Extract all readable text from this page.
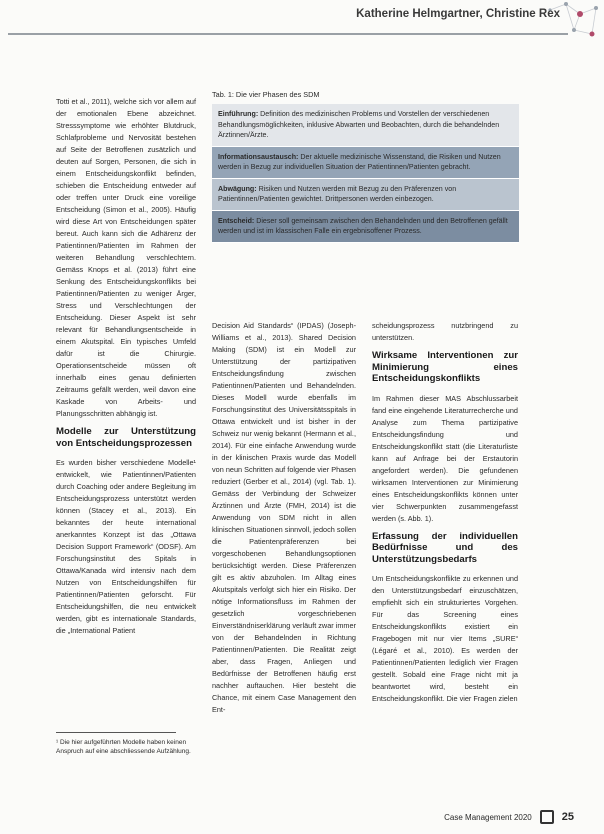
Katherine Helmgartner, Christine Rex

Totti et al., 2011), welche sich vor allem auf der emotionalen Ebene abzeichnet. Stresssymptome wie erhöhter Blutdruck, Schlafprobleme und Nervosität bestehen auf Seite der Betroffenen zusätzlich und deuten auf Sorgen, Personen, die sich in einem Entscheidungskonflikt befinden, schieben die Entscheidung entweder auf oder treffen unter Druck eine voreilige Entscheidung (Simon et al., 2005). Häufig wird diese Art von Entscheidungen später bereut. Auch kann sich die Adhärenz der Patientinnen/Patienten im Rahmen der weiteren Behandlung verschlechtern. Gemäss Knops et al. (2013) führt eine Senkung des Entscheidungskonflikts bei Patientinnen/Patienten zu weniger Ärger, Stress und Verschlechtungen der Entscheidung. Dieser Aspekt ist sehr relevant für Behandlungsentscheide in einem Akutspital. Ein typisches Umfeld dafür ist die Chirurgie. Operationsentscheide müssen oft innerhalb eines genau definierten Zeitraums gefällt werden, weil davon eine Kaskade von Arbeits- und Planungsschritten abhängig ist.

Modelle zur Unterstützung von Entscheidungsprozessen

Es wurden bisher verschiedene Modelle¹ entwickelt, wie Patientinnen/Patienten durch Coaching oder andere Begleitung im Entscheidungsprozess unterstützt werden können (Stacey et al., 2013). Ein bekanntes der heute international anerkanntes Konzept ist das „Ottawa Decision Support Framework“ (ODSF). Am Forschungsinstitut des Spitals in Ottawa/Kanada wird intensiv nach dem Nutzen von Entscheidungshilfen für Patientinnen/Patienten geforscht. Für Entscheidungshilfen, die neu entwickelt werden, gibt es internationale Standards, die „International Patient

Tab. 1: Die vier Phasen des SDM
Einführung: Definition des medizinischen Problems und Vorstellen der verschiedenen Behandlungsmöglichkeiten, inklusive Abwarten und Beobachten, durch die behandelnden Ärztinnen/Ärzte.
Informationsaustausch: Der aktuelle medizinische Wissenstand, die Risiken und Nutzen werden in Bezug zur individuellen Situation der Patientinnen/Patienten gebracht.
Abwägung: Risiken und Nutzen werden mit Bezug zu den Präferenzen von Patientinnen/Patienten gewichtet. Drittpersonen werden einbezogen.
Entscheid: Dieser soll gemeinsam zwischen den Behandelnden und den Betroffenen gefällt werden und ist im klassischen Falle ein ergebnisoffener Prozess.

Decision Aid Standards“ (IPDAS) (Joseph-Williams et al., 2013). Shared Decision Making (SDM) ist ein Modell zur Unterstützung der partizipativen Entscheidungsfindung zwischen Patientinnen/Patienten und Behandelnden. Dieses Modell wurde ebenfalls im Forschungsinstitut des Universitätsspitals in Ottawa entwickelt und ist bisher in der Schweiz nur wenig bekannt (Hermann et al., 2014). Für eine einfache Anwendung wurde in der klinischen Praxis wurde das Modell von neun Schritten auf folgende vier Phasen reduziert (Gerber et al., 2014) (vgl. Tab. 1). Gemäss der Verbindung der Schweizer Ärztinnen und Ärzte (FMH, 2014) ist die Anwendung von SDM nicht in allen klinischen Situationen sinnvoll, jedoch sollen die Patientenpräferenzen bei vorgeschobenen Behandlungsoptionen berücksichtigt werden. Diese Präferenzen gilt es aktiv abzuholen. Im Alltag eines Akutspitals verfolgt sich hier ein Risiko. Der nötige Informationsfluss im Rahmen der gesetzlich vorgeschriebenen Einverständniserklärung verläuft zwar immer von der Behandelnden in Richtung Patientinnen/Patienten. Die Realität zeigt aber, dass Fragen, Anliegen und Bedürfnisse der Betroffenen häufig erst nachher auftauchen. Hier besteht die Chance, mit einem Case Management den Ent-

scheidungsprozess nutzbringend zu unterstützen.

Wirksame Interventionen zur Minimierung eines Entscheidungskonflikts

Im Rahmen dieser MAS Abschlussarbeit fand eine eingehende Literaturrecherche und Analyse zum Thema partizipative Entscheidungsfindung und Entscheidungskonflikt statt (die Literaturliste kann auf Anfrage bei der Erstautorin angefordert werden). Die gefundenen wirksamen Interventionen zur Minimierung eines Entscheidungskonflikts können unter vier Schwerpunkten zusammengefasst werden (s. Abb. 1).

Erfassung der individuellen Bedürfnisse und des Unterstützungsbedarfs

Um Entscheidungskonflikte zu erkennen und den Unterstützungsbedarf einzuschätzen, empfiehlt sich ein strukturiertes Vorgehen. Für das Screening eines Entscheidungskonflikts existiert ein Fragebogen mit nur vier Items „SURE“ (Légaré et al., 2010). Es werden der Patientinnen/Patienten lediglich vier Fragen gestellt. Sobald eine Frage nicht mit ja beantwortet wird, besteht ein Entscheidungskonflikt. Die vier Fragen zielen

¹ Die hier aufgeführten Modelle haben keinen Anspruch auf eine abschliessende Aufzählung.
Case Management 2020	25
